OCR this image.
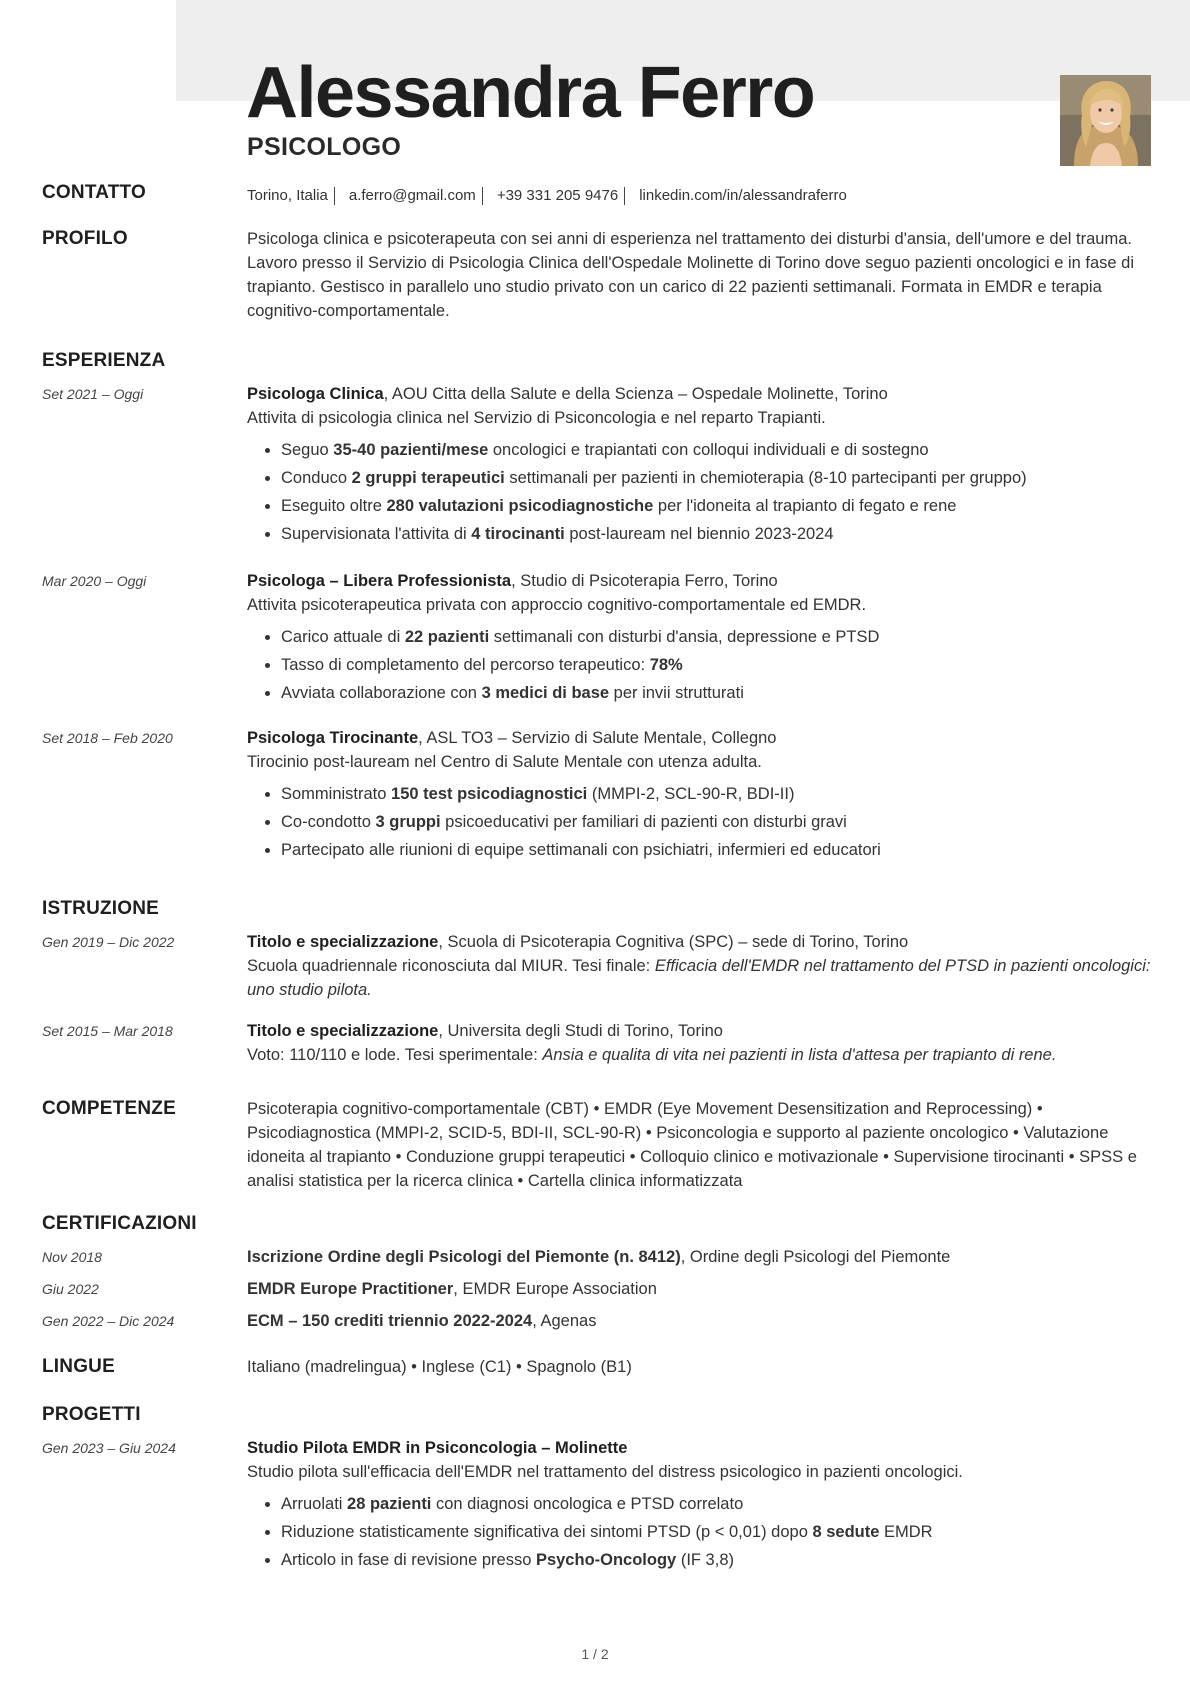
Alessandra Ferro
PSICOLOGO
CONTATTO	Torino, Italia a.ferro@gmail.com +39 331 205 9476 linkedin.com/in/alessandraferro
PROFILO	Psicologa clinica e psicoterapeuta con sei anni di esperienza nel trattamento dei disturbi d'ansia, dell'umore e del trauma. Lavoro presso il Servizio di Psicologia Clinica dell'Ospedale Molinette di Torino dove seguo pazienti oncologici e in fase di trapianto. Gestisco in parallelo uno studio privato con un carico di 22 pazienti settimanali. Formata in EMDR e terapia cognitivo-comportamentale.
ESPERIENZA
Set 2021 – Oggi	Psicologa Clinica, AOU Citta della Salute e della Scienza – Ospedale Molinette, Torino
Attivita di psicologia clinica nel Servizio di Psiconcologia e nel reparto Trapianti.
• Seguo 35-40 pazienti/mese oncologici e trapiantati con colloqui individuali e di sostegno
• Conduco 2 gruppi terapeutici settimanali per pazienti in chemioterapia (8-10 partecipanti per gruppo)
• Eseguito oltre 280 valutazioni psicodiagnostiche per l'idoneita al trapianto di fegato e rene
• Supervisionata l'attivita di 4 tirocinanti post-lauream nel biennio 2023-2024
Mar 2020 – Oggi	Psicologa – Libera Professionista, Studio di Psicoterapia Ferro, Torino
Attivita psicoterapeutica privata con approccio cognitivo-comportamentale ed EMDR.
• Carico attuale di 22 pazienti settimanali con disturbi d'ansia, depressione e PTSD
• Tasso di completamento del percorso terapeutico: 78%
• Avviata collaborazione con 3 medici di base per invii strutturati
Set 2018 – Feb 2020	Psicologa Tirocinante, ASL TO3 – Servizio di Salute Mentale, Collegno
Tirocinio post-lauream nel Centro di Salute Mentale con utenza adulta.
• Somministrato 150 test psicodiagnostici (MMPI-2, SCL-90-R, BDI-II)
• Co-condotto 3 gruppi psicoeducativi per familiari di pazienti con disturbi gravi
• Partecipato alle riunioni di equipe settimanali con psichiatri, infermieri ed educatori
ISTRUZIONE
Gen 2019 – Dic 2022	Titolo e specializzazione, Scuola di Psicoterapia Cognitiva (SPC) – sede di Torino, Torino
Scuola quadriennale riconosciuta dal MIUR. Tesi finale: Efficacia dell'EMDR nel trattamento del PTSD in pazienti oncologici: uno studio pilota.
Set 2015 – Mar 2018	Titolo e specializzazione, Universita degli Studi di Torino, Torino
Voto: 110/110 e lode. Tesi sperimentale: Ansia e qualita di vita nei pazienti in lista d'attesa per trapianto di rene.
COMPETENZE	Psicoterapia cognitivo-comportamentale (CBT) • EMDR (Eye Movement Desensitization and Reprocessing) • Psicodiagnostica (MMPI-2, SCID-5, BDI-II, SCL-90-R) • Psiconcologia e supporto al paziente oncologico • Valutazione idoneita al trapianto • Conduzione gruppi terapeutici • Colloquio clinico e motivazionale • Supervisione tirocinanti • SPSS e analisi statistica per la ricerca clinica • Cartella clinica informatizzata
CERTIFICAZIONI
Nov 2018	Iscrizione Ordine degli Psicologi del Piemonte (n. 8412), Ordine degli Psicologi del Piemonte
Giu 2022	EMDR Europe Practitioner, EMDR Europe Association
Gen 2022 – Dic 2024	ECM – 150 crediti triennio 2022-2024, Agenas
LINGUE	Italiano (madrelingua) • Inglese (C1) • Spagnolo (B1)
PROGETTI
Gen 2023 – Giu 2024	Studio Pilota EMDR in Psiconcologia – Molinette
Studio pilota sull'efficacia dell'EMDR nel trattamento del distress psicologico in pazienti oncologici.
• Arruolati 28 pazienti con diagnosi oncologica e PTSD correlato
• Riduzione statisticamente significativa dei sintomi PTSD (p < 0,01) dopo 8 sedute EMDR
• Articolo in fase di revisione presso Psycho-Oncology (IF 3,8)
1 / 2
